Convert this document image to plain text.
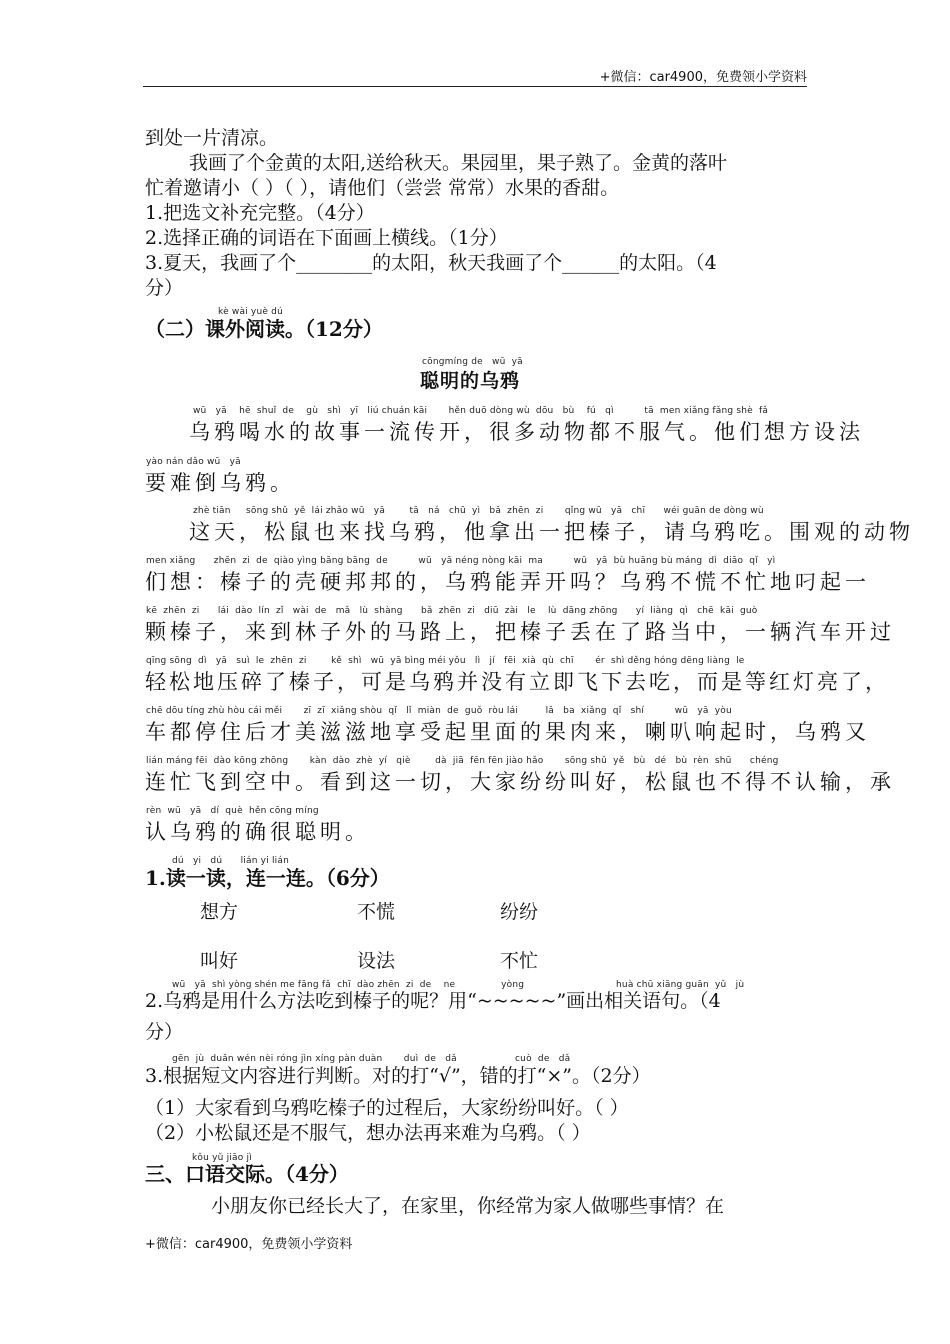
+微信：car4900，免费领小学资料
到处一片清凉。
我画了个金黄的太阳,送给秋天。果园里，果子熟了。金黄的落叶
忙着邀请小（ ）（ ），请他们（尝尝 常常）水果的香甜。
1.把选文补充完整。（4分）
2.选择正确的词语在下面画上横线。（1分）
3.夏天，我画了个________的太阳，秋天我画了个______的太阳。（4
分）
kè wài yuè dú
（二）课外阅读。（12分）
cōngmíng de   wū  yā
聪明的乌鸦
wū   yā    hē  shuǐ  de    gù   shì   yī   liú chuán kāi       hěn duō dòng wù  dōu   bù    fú   qì          tā  men xiǎng fǎng shè  fǎ
乌鸦喝水的故事一流传开，很多动物都不服气。他们想方设法
yào nán dǎo wū   yā
要难倒乌鸦。
zhè tiān     sōng shǔ  yě  lái zhǎo wū   yā        tā   ná   chū  yì   bǎ  zhēn  zi       qǐng wū   yā   chī      wéi guān de dòng wù
这天，松鼠也来找乌鸦，他拿出一把榛子，请乌鸦吃。围观的动物
men xiǎng      zhēn  zi  de  qiào yìng bāng bāng  de          wū   yā néng nòng kāi  ma          wū   yā  bù huāng bù máng  dì  diāo  qǐ   yì
们想：榛子的壳硬邦邦的，乌鸦能弄开吗？乌鸦不慌不忙地叼起一
kē  zhēn  zi      lái  dào  lín  zǐ   wài  de   mǎ   lù  shàng      bǎ  zhēn  zi   diū  zài   le    lù  dāng zhōng      yí  liàng  qì   chē  kāi  guò
颗榛子，来到林子外的马路上，把榛子丢在了路当中，一辆汽车开过
qīng sōng  dì   yā   suì  le  zhēn  zi        kě  shì   wū  yā bìng méi yǒu   lì   jí   fēi  xià  qù  chī       ér  shì děng hóng dēng liàng  le
轻松地压碎了榛子，可是乌鸦并没有立即飞下去吃，而是等红灯亮了，
chē dōu tíng zhù hòu cái měi       zī  zī  xiǎng shòu  qǐ   lǐ  miàn  de  guǒ  ròu lái         lǎ   ba  xiǎng  qǐ   shí          wū   yā  yòu
车都停住后才美滋滋地享受起里面的果肉来，喇叭响起时，乌鸦又
lián máng fēi  dào kōng zhōng       kàn  dào  zhè  yí   qiè        dà  jiā  fēn fēn jiào hǎo       sōng shǔ  yě   bù   dé   bù  rèn  shū      chéng
连忙飞到空中。看到这一切，大家纷纷叫好，松鼠也不得不认输，承
rèn  wū   yā   dí  què  hěn cōng míng
认乌鸦的确很聪明。
dú   yi   dú      lián yi lián
1.读一读，连一连。（6分）
想方	不慌	纷纷
叫好	设法	不忙
wū   yā  shì yòng shén me fāng fǎ  chī  dào zhēn  zi  de    ne               yòng                              huà chū xiāng guān  yǔ   jù
2.乌鸦是用什么方法吃到榛子的呢？用“~~~~~”画出相关语句。（4
分）
gēn  jù  duǎn wén nèi róng jìn xíng pàn duàn       duì  de   dǎ                   cuò  de   dǎ
3.根据短文内容进行判断。对的打“√”，错的打“×”。（2分）
（1）大家看到乌鸦吃榛子的过程后，大家纷纷叫好。（ ）
（2）小松鼠还是不服气，想办法再来难为乌鸦。（ ）
kǒu yǔ jiāo jì
三、口语交际。（4分）
小朋友你已经长大了，在家里，你经常为家人做哪些事情？在
+微信：car4900，免费领小学资料
